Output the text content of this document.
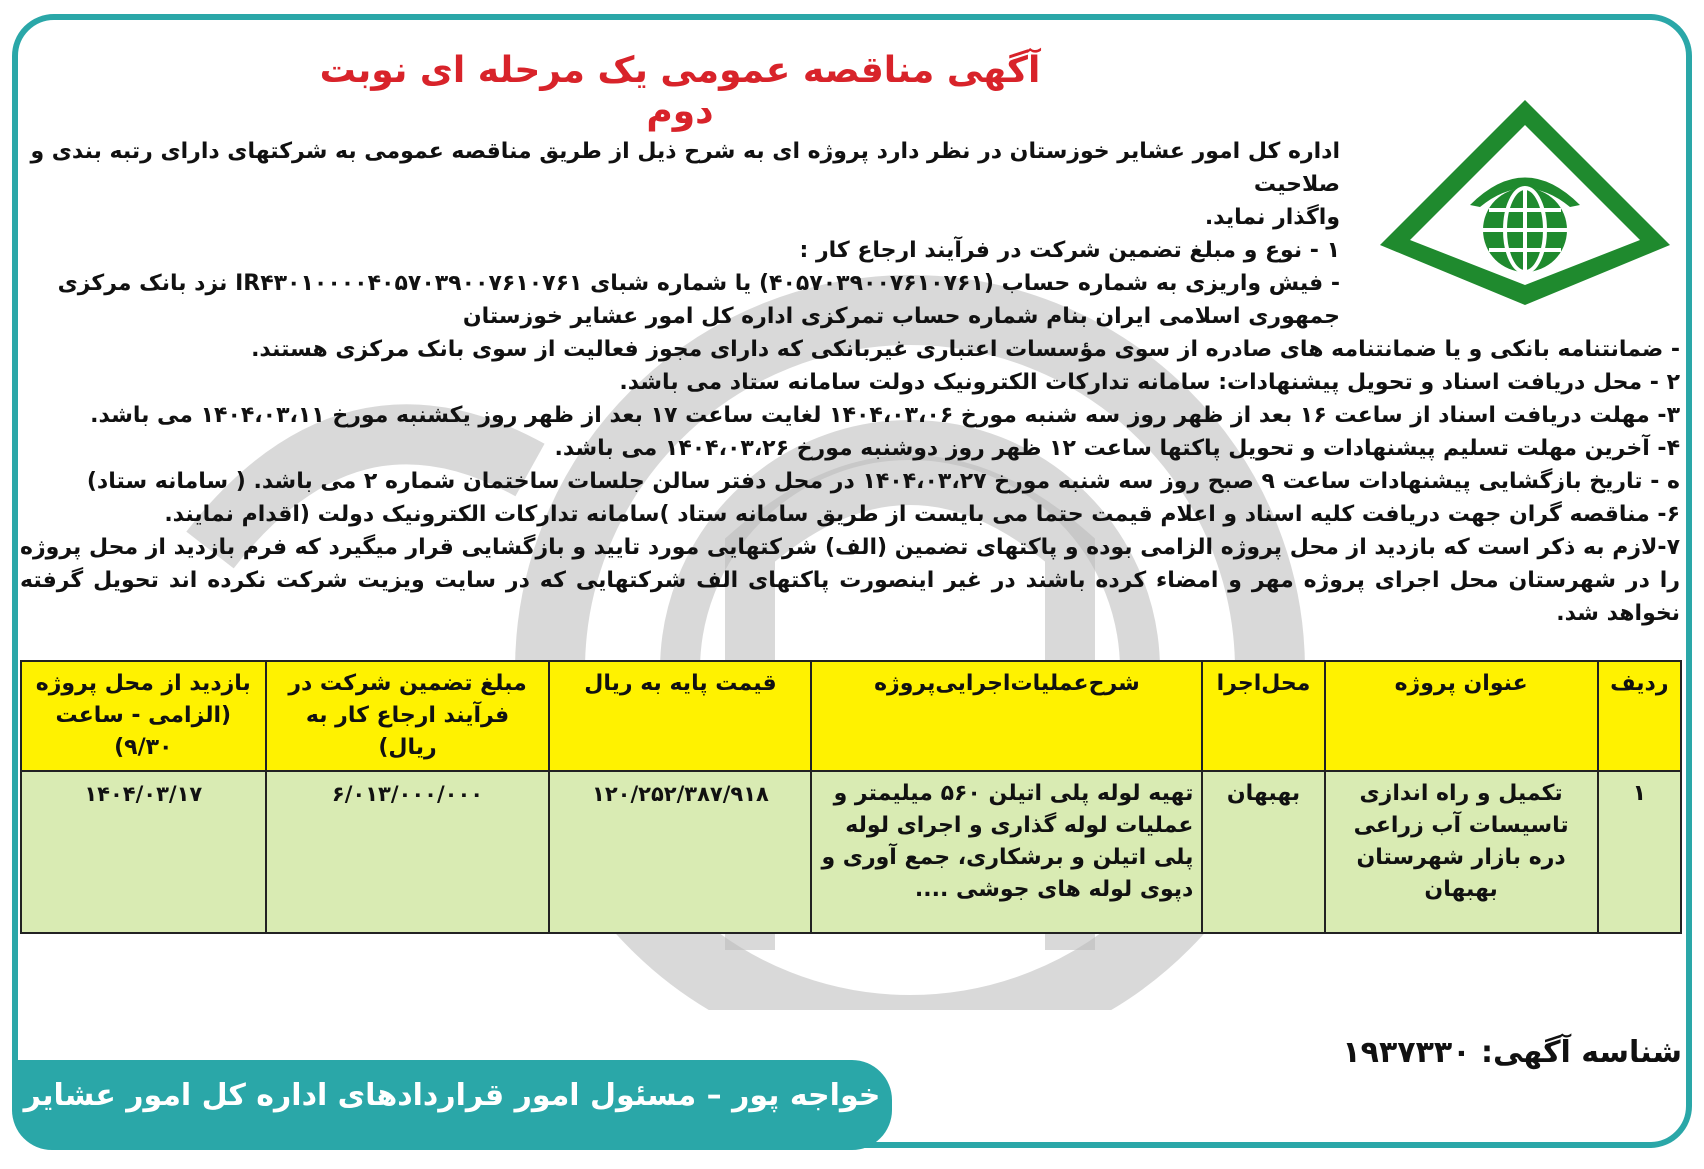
آگهی مناقصه عمومی یک مرحله ای نوبت دوم

اداره کل امور عشایر خوزستان در نظر دارد پروژه ای به شرح ذیل از طریق مناقصه عمومی به شرکتهای دارای رتبه بندی و صلاحیت

واگذار نماید.

۱ - نوع و مبلغ تضمین شرکت در فرآیند ارجاع کار :

- فیش واریزی به شماره حساب (۴۰۵۷۰۳۹۰۰۷۶۱۰۷۶۱) یا شماره شبای IR۴۳۰۱۰۰۰۰۴۰۵۷۰۳۹۰۰۷۶۱۰۷۶۱ نزد بانک مرکزی

جمهوری اسلامی ایران بنام شماره حساب تمرکزی اداره کل امور عشایر خوزستان

- ضمانتنامه بانکی و یا ضمانتنامه های صادره از سوی مؤسسات اعتباری غیربانکی که دارای مجوز فعالیت از سوی بانک مرکزی هستند.

۲ - محل دریافت اسناد و تحویل پیشنهادات: سامانه تدارکات الکترونیک دولت سامانه ستاد می باشد.

۳- مهلت دریافت اسناد از ساعت ۱۶ بعد از ظهر روز سه شنبه مورخ ۱۴۰۴،۰۳،۰۶ لغایت ساعت ۱۷ بعد از ظهر روز یکشنبه مورخ ۱۴۰۴،۰۳،۱۱ می باشد.

۴- آخرین مهلت تسلیم پیشنهادات و تحویل پاکتها ساعت ۱۲ ظهر روز دوشنبه مورخ ۱۴۰۴،۰۳،۲۶ می باشد.

ه - تاریخ بازگشایی پیشنهادات ساعت ۹ صبح روز سه شنبه مورخ ۱۴۰۴،۰۳،۲۷ در محل دفتر سالن جلسات ساختمان شماره ۲ می باشد. ( سامانه ستاد)

۶- مناقصه گران جهت دریافت کلیه اسناد و اعلام قیمت حتما می بایست از طریق سامانه ستاد )سامانه تدارکات الکترونیک دولت (اقدام نمایند.

۷-لازم به ذکر است که بازدید از محل پروژه الزامی بوده و پاکتهای تضمین (الف) شرکتهایی مورد تایید و بازگشایی قرار میگیرد که فرم بازدید از محل پروژه را در شهرستان محل اجرای پروژه مهر و امضاء کرده باشند در غیر اینصورت پاکتهای الف شرکتهایی که در سایت ویزیت شرکت نکرده اند تحویل گرفته نخواهد شد.

ردیف	عنوان پروژه	محل‌اجرا	شرح‌عملیات‌اجرایی‌پروژه	قیمت پایه به ریال	مبلغ تضمین شرکت در فرآیند ارجاع کار به ریال)	بازدید از محل پروژه (الزامی - ساعت ۹/۳۰)
۱	تکمیل و راه اندازی تاسیسات آب زراعی دره بازار شهرستان بهبهان	بهبهان	تهیه لوله پلی اتیلن ۵۶۰ میلیمتر و عملیات لوله گذاری و اجرای لوله پلی اتیلن و برشکاری، جمع آوری و دپوی لوله های جوشی ....	۱۲۰/۲۵۲/۳۸۷/۹۱۸	۶/۰۱۳/۰۰۰/۰۰۰	۱۴۰۴/۰۳/۱۷
شناسه آگهی: ۱۹۳۷۳۳۰
خواجه پور – مسئول امور قراردادهای اداره کل امور عشایر
